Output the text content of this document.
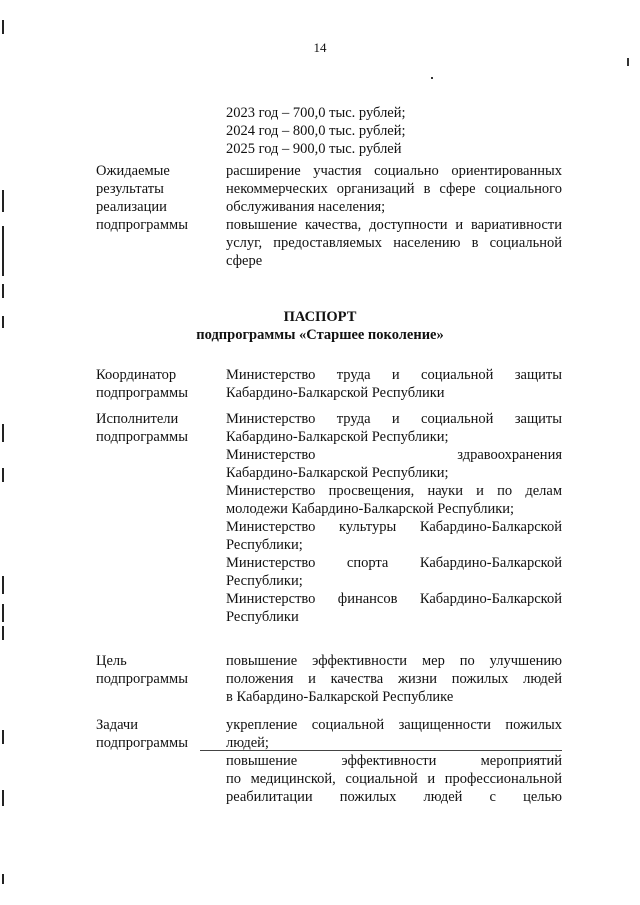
14
2023 год – 700,0 тыс. рублей;
2024 год – 800,0 тыс. рублей;
2025 год – 900,0 тыс. рублей
Ожидаемые
результаты
реализации
подпрограммы
расширение участия социально ориентированных
некоммерческих организаций в сфере социального
обслуживания населения;
повышение качества, доступности и вариативности
услуг, предоставляемых населению в социальной
сфере
ПАСПОРТ
подпрограммы «Старшее поколение»
Координатор
подпрограммы
Министерство труда и социальной защиты
Кабардино-Балкарской Республики
Исполнители
подпрограммы
Министерство труда и социальной защиты
Кабардино-Балкарской Республики;
Министерство здравоохранения
Кабардино-Балкарской Республики;
Министерство просвещения, науки и по делам
молодежи Кабардино-Балкарской Республики;
Министерство культуры Кабардино-Балкарской
Республики;
Министерство спорта Кабардино-Балкарской
Республики;
Министерство финансов Кабардино-Балкарской
Республики
Цель
подпрограммы
повышение эффективности мер по улучшению
положения и качества жизни пожилых людей
в Кабардино-Балкарской Республике
Задачи
подпрограммы
укрепление социальной защищенности пожилых
людей;
повышение эффективности мероприятий
по медицинской, социальной и профессиональной
реабилитации пожилых людей с целью
